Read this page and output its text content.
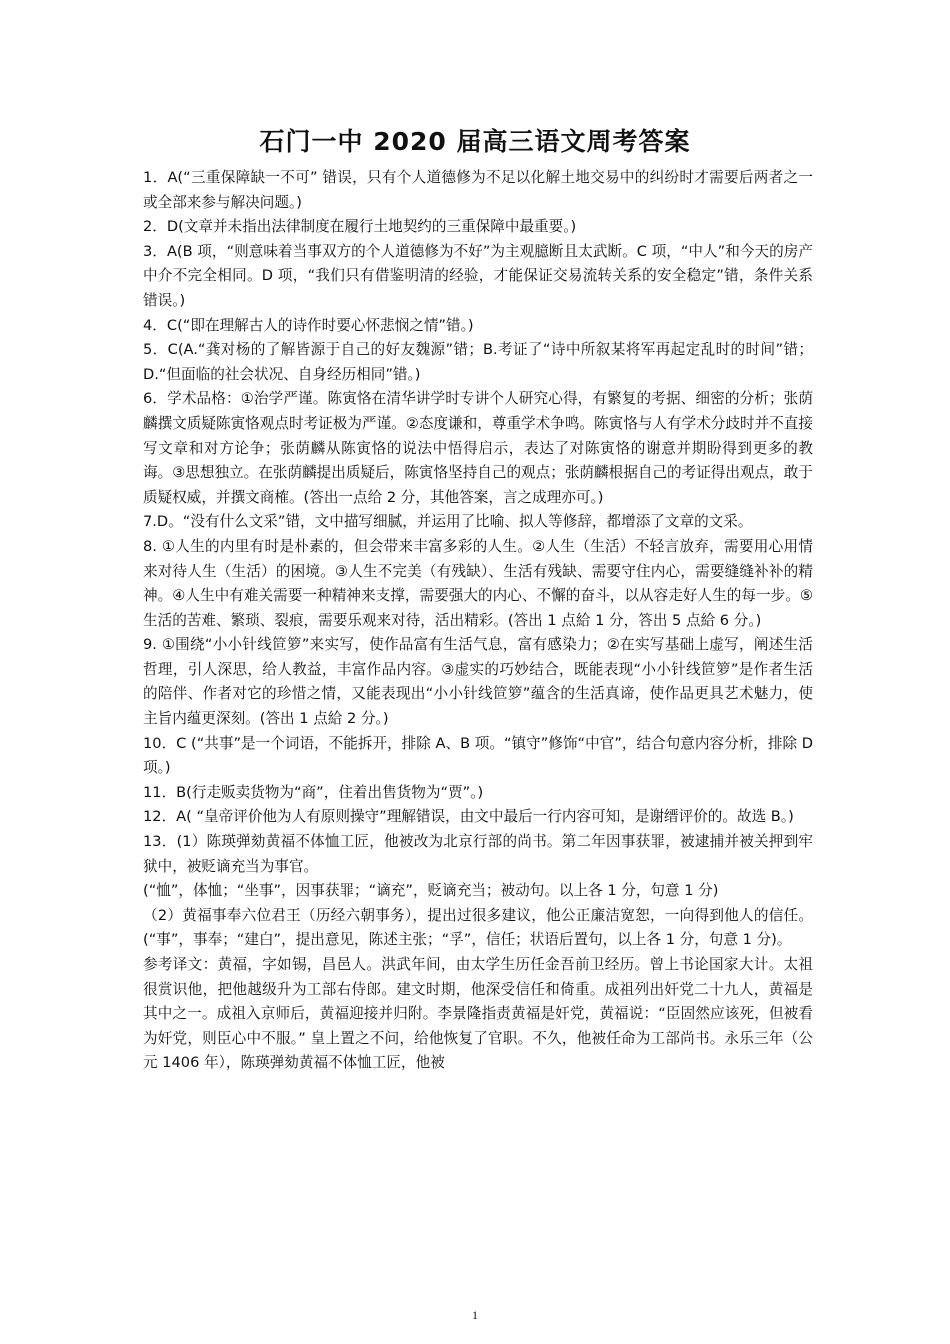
石门一中 2020 届高三语文周考答案

1．A(“三重保障缺一不可” 错误，只有个人道德修为不足以化解土地交易中的纠纷时才需要后两者之一或全部来参与解决问题。)

2．D(文章并未指出法律制度在履行土地契约的三重保障中最重要。)

3．A(B 项，“则意味着当事双方的个人道德修为不好”为主观臆断且太武断。C 项，“中人”和今天的房产中介不完全相同。D 项，“我们只有借鉴明清的经验，才能保证交易流转关系的安全稳定”错，条件关系错误。)

4．C(“即在理解古人的诗作时要心怀悲悯之情”错。)

5．C(A.“龚对杨的了解皆源于自己的好友魏源”错；B.考证了“诗中所叙某将军再起定乱时的时间”错；D.“但面临的社会状况、自身经历相同”错。)

6．学术品格：①治学严谨。陈寅恪在清华讲学时专讲个人研究心得，有繁复的考据、细密的分析；张荫麟撰文质疑陈寅恪观点时考证极为严谨。②态度谦和，尊重学术争鸣。陈寅恪与人有学术分歧时并不直接写文章和对方论争；张荫麟从陈寅恪的说法中悟得启示，表达了对陈寅恪的谢意并期盼得到更多的教诲。③思想独立。在张荫麟提出质疑后，陈寅恪坚持自己的观点；张荫麟根据自己的考证得出观点，敢于质疑权威，并撰文商榷。(答出一点给 2 分，其他答案，言之成理亦可。)

7.D。“没有什么文采”错，文中描写细腻，并运用了比喻、拟人等修辞，都增添了文章的文采。

8. ①人生的内里有时是朴素的，但会带来丰富多彩的人生。②人生（生活）不轻言放弃，需要用心用情来对待人生（生活）的困境。③人生不完美（有残缺）、生活有残缺、需要守住内心，需要缝缝补补的精神。④人生中有难关需要一种精神来支撑，需要强大的内心、不懈的奋斗，以从容走好人生的每一步。⑤生活的苦难、繁琐、裂痕，需要乐观来对待，活出精彩。(答出 1 点給 1 分，答出 5 点給 6 分。)

9. ①围绕“小小针线笸箩”来实写，使作品富有生活气息，富有感染力；②在实写基础上虚写，阐述生活哲理，引人深思，给人教益，丰富作品内容。③虚实的巧妙结合，既能表现“小小针线笸箩”是作者生活的陪伴、作者对它的珍惜之情，又能表现出“小小针线笸箩”蕴含的生活真谛，使作品更具艺术魅力，使主旨内蕴更深刻。(答出 1 点給 2 分。)

10．C (“共事”是一个词语，不能拆开，排除 A、B 项。“镇守”修饰“中官”，结合句意内容分析，排除 D 项。)

11．B(行走贩卖货物为“商”，住着出售货物为“贾”。)

12．A( “皇帝评价他为人有原则操守”理解错误，由文中最后一行内容可知，是谢缙评价的。故选 B。)

13．(1）陈瑛弹劾黄福不体恤工匠，他被改为北京行部的尚书。第二年因事获罪，被逮捕并被关押到牢狱中，被贬谪充当为事官。

(“恤”，体恤；“坐事”，因事获罪；“谪充”，贬谪充当；被动句。以上各 1 分，句意 1 分)

（2）黄福事奉六位君王（历经六朝事务），提出过很多建议，他公正廉洁宽恕，一向得到他人的信任。(“事”，事奉；“建白”，提出意见，陈述主张；“孚”，信任；状语后置句，以上各 1 分，句意 1 分)。

参考译文：黄福，字如锡，昌邑人。洪武年间，由太学生历任金吾前卫经历。曾上书论国家大计。太祖很赏识他，把他越级升为工部右侍郎。建文时期，他深受信任和倚重。成祖列出奸党二十九人，黄福是其中之一。成祖入京师后，黄福迎接并归附。李景隆指责黄福是奸党，黄福说：“臣固然应该死，但被看为奸党，则臣心中不服。” 皇上置之不问，给他恢复了官职。不久，他被任命为工部尚书。永乐三年（公元 1406 年），陈瑛弹劾黄福不体恤工匠，他被

1
